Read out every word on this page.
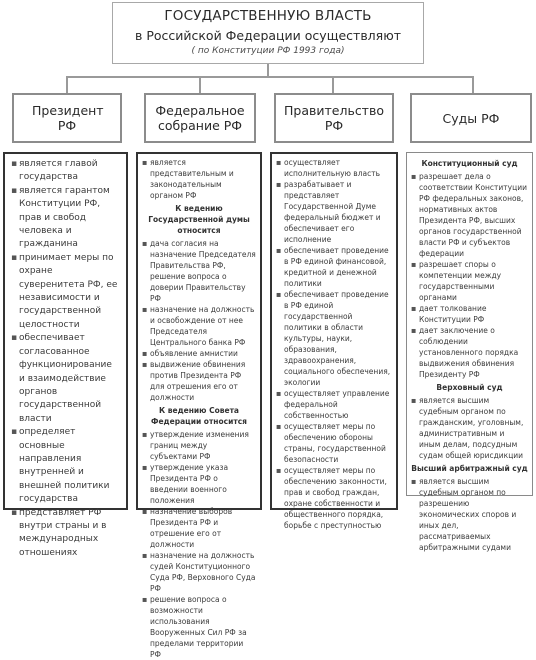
ГОСУДАРСТВЕННУЮ ВЛАСТЬ
в Российской Федерации осуществляют
( по Конституции РФ 1993 года)
Президент РФ
Федеральное собрание РФ
Правительство РФ	Суды РФ

▪ является главой государства

▪ является гарантом Конституции РФ, прав и свобод человека и гражданина

▪ принимает меры по охране суверенитета РФ, ее независимости и государственной целостности

▪ обеспечивает согласованное функционирование и взаимодействие органов государственной власти

▪ определяет основные направления внутренней и внешней политики государства

▪ представляет РФ внутри страны и в международных отношениях

▪ является представительным и законодательным органом РФ

К ведению Государственной думы относится

▪ дача согласия на назначение Председателя Правительства РФ, решение вопроса о доверии Правительству РФ

▪ назначение на должность и освобождение от нее Председателя Центрального банка РФ

▪ объявление амнистии

▪ выдвижение обвинения против Президента РФ для отрешения его от должности

К ведению Совета Федерации относится

▪ утверждение изменения границ между субъектами РФ

▪ утверждение указа Президента РФ о введении военного положения

▪ назначение выборов Президента РФ и отрешение его от должности

▪ назначение на должность судей Конституционного Суда РФ, Верховного Суда РФ

▪ решение вопроса о возможности использования Вооруженных Сил РФ за пределами территории РФ

▪ осуществляет исполнительную власть

▪ разрабатывает и представляет Государственной Думе федеральный бюджет и обеспечивает его исполнение

▪ обеспечивает проведение в РФ единой финансовой, кредитной и денежной политики

▪ обеспечивает проведение в РФ единой государственной политики в области культуры, науки, образования, здравоохранения, социального обеспечения, экологии

▪ осуществляет управление федеральной собственностью

▪ осуществляет меры по обеспечению обороны страны, государственной безопасности

▪ осуществляет меры по обеспечению законности, прав и свобод граждан, охране собственности и общественного порядка, борьбе с преступностью

Конституционный суд

▪ разрешает дела о соответствии Конституции РФ федеральных законов, нормативных актов Президента РФ, высших органов государственной власти РФ и субъектов федерации

▪ разрешает споры о компетенции между государственными органами

▪ дает толкование Конституции РФ

▪ дает заключение о соблюдении установленного порядка выдвижения обвинения Президенту РФ

Верховный суд

▪ является высшим судебным органом по гражданским, уголовным, административным и иным делам, подсудным судам общей юрисдикции

Высший арбитражный суд

▪ является высшим судебным органом по разрешению экономических споров и иных дел, рассматриваемых арбитражными судами
